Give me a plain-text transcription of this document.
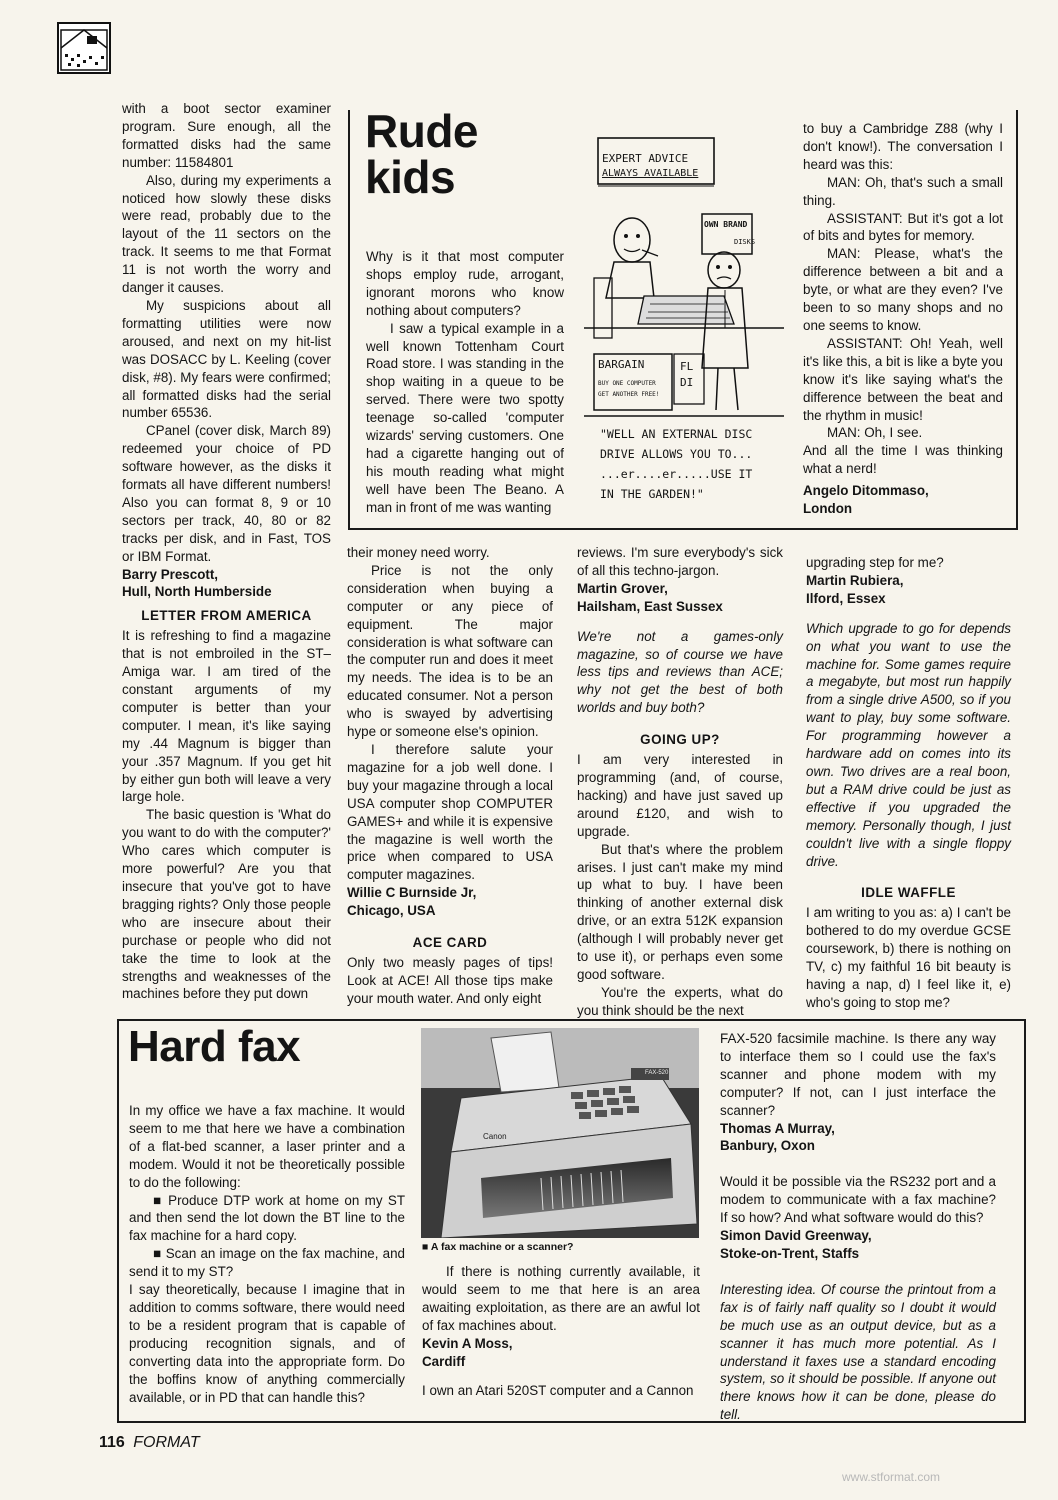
with a boot sector examiner program. Sure enough, all the formatted disks had the same number: 11584801

Also, during my experiments a noticed how slowly these disks were read, probably due to the layout of the 11 sectors on the track. It seems to me that Format 11 is not worth the worry and danger it causes.

My suspicions about all formatting utilities were now aroused, and next on my hit-list was DOSACC by L. Keeling (cover disk, #8). My fears were confirmed; all formatted disks had the serial number 65536.

CPanel (cover disk, March 89) redeemed your choice of PD software however, as the disks it formats all have different numbers! Also you can format 8, 9 or 10 sectors per track, 40, 80 or 82 tracks per disk, and in Fast, TOS or IBM Format.

Barry Prescott,

Hull, North Humberside

LETTER FROM AMERICA

It is refreshing to find a magazine that is not embroiled in the ST–Amiga war. I am tired of the constant arguments of my computer is better than your computer. I mean, it's like saying my .44 Magnum is bigger than your .357 Magnum. If you get hit by either gun both will leave a very large hole.

The basic question is 'What do you want to do with the computer?' Who cares which computer is more powerful? Are you that insecure that you've got to have bragging rights? Only those people who are insecure about their purchase or people who did not take the time to look at the strengths and weaknesses of the machines before they put down

Rude
kids

Why is it that most computer shops employ rude, arrogant, ignorant morons who know nothing about computers?

I saw a typical example in a well known Tottenham Court Road store. I was standing in the shop waiting in a queue to be served. There were two spotty teenage so-called 'computer wizards' serving customers. One had a cigarette hanging out of his mouth reading what might well have been The Beano. A man in front of me was wanting

EXPERT ADVICE
ALWAYS AVAILABLE
OWN BRAND
DISKS
BARGAIN
BUY ONE COMPUTER
GET ANOTHER FREE!
FL
DI
"WELL AN EXTERNAL DISC
DRIVE ALLOWS YOU TO...
...er....er.....USE IT
IN THE GARDEN!"

to buy a Cambridge Z88 (why I don't know!). The conversation I heard was this:

MAN: Oh, that's such a small thing.

ASSISTANT: But it's got a lot of bits and bytes for memory.

MAN: Please, what's the difference between a bit and a byte, or what are they even? I've been to so many shops and no one seems to know.

ASSISTANT: Oh! Yeah, well it's like this, a bit is like a byte you know it's like saying what's the difference between the beat and the rhythm in music!

MAN: Oh, I see.

And all the time I was thinking what a nerd!

Angelo Ditommaso,

London

their money need worry.

Price is not the only consideration when buying a computer or any piece of equipment. The major consideration is what software can the computer run and does it meet my needs. The idea is to be an educated consumer. Not a person who is swayed by advertising hype or someone else's opinion.

I therefore salute your magazine for a job well done. I buy your magazine through a local USA computer shop COMPUTER GAMES+ and while it is expensive the magazine is well worth the price when compared to USA computer magazines.

Willie C Burnside Jr,

Chicago, USA

ACE CARD

Only two measly pages of tips! Look at ACE! All those tips make your mouth water. And only eight

reviews. I'm sure everybody's sick of all this techno-jargon.

Martin Grover,

Hailsham, East Sussex

We're not a games-only magazine, so of course we have less tips and reviews than ACE; why not get the best of both worlds and buy both?

GOING UP?

I am very interested in programming (and, of course, hacking) and have just saved up around £120, and wish to upgrade.

But that's where the problem arises. I just can't make my mind up what to buy. I have been thinking of another external disk drive, or an extra 512K expansion (although I will probably never get to use it), or perhaps even some good software.

You're the experts, what do you think should be the next

upgrading step for me?

Martin Rubiera,

Ilford, Essex

Which upgrade to go for depends on what you want to use the machine for. Some games require a megabyte, but most run happily from a single drive A500, so if you want to play, buy some software. For programming however a hardware add on comes into its own. Two drives are a real boon, but a RAM drive could be just as effective if you upgraded the memory. Personally though, I just couldn't live with a single floppy drive.

IDLE WAFFLE

I am writing to you as: a) I can't be bothered to do my overdue GCSE coursework, b) there is nothing on TV, c) my faithful 16 bit beauty is having a nap, d) I feel like it, e) who's going to stop me?

Hard fax

In my office we have a fax machine. It would seem to me that here we have a combination of a flat-bed scanner, a laser printer and a modem. Would it not be theoretically possible to do the following:

■ Produce DTP work at home on my ST and then send the lot down the BT line to the fax machine for a hard copy.

■ Scan an image on the fax machine, and send it to my ST?

I say theoretically, because I imagine that in addition to comms software, there would need to be a resident program that is capable of producing recognition signals, and of converting data into the appropriate form. Do the boffins know of anything commercially available, or in PD that can handle this?

Canon
FAX-520
■ A fax machine or a scanner?

If there is nothing currently available, it would seem to me that here is an area awaiting exploitation, as there are an awful lot of fax machines about.

Kevin A Moss,

Cardiff

I own an Atari 520ST computer and a Cannon

FAX-520 facsimile machine. Is there any way to interface them so I could use the fax's scanner and phone modem with my computer? If not, can I just interface the scanner?

Thomas A Murray,

Banbury, Oxon

Would it be possible via the RS232 port and a modem to communicate with a fax machine? If so how? And what software would do this?

Simon David Greenway,

Stoke-on-Trent, Staffs

Interesting idea. Of course the printout from a fax is of fairly naff quality so I doubt it would be much use as an output device, but as a scanner it has much more potential. As I understand it faxes use a standard encoding system, so it should be possible. If anyone out there knows how it can be done, please do tell.

116 FORMAT
www.stformat.com
